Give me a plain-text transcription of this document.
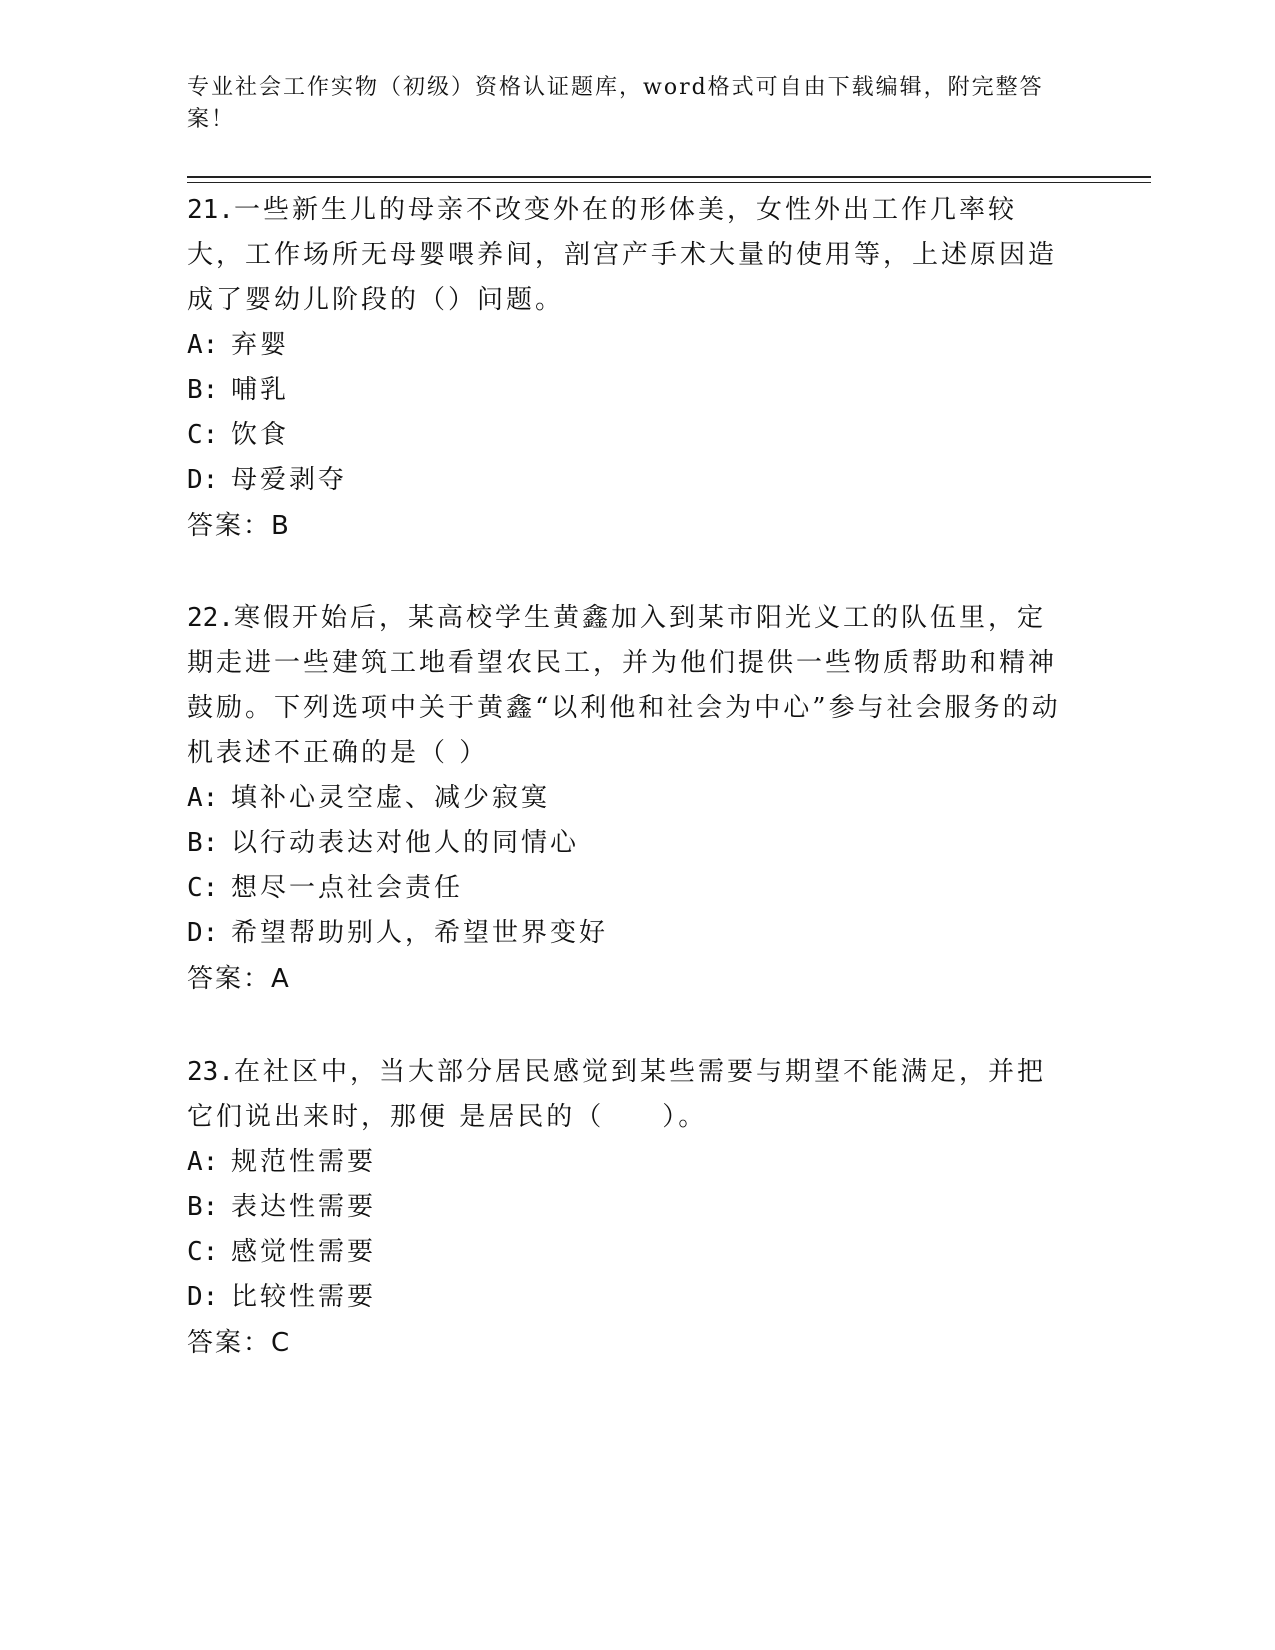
专业社会工作实物（初级）资格认证题库，word格式可自由下载编辑，附完整答案！

21.一些新生儿的母亲不改变外在的形体美，女性外出工作几率较大，工作场所无母婴喂养间，剖宫产手术大量的使用等，上述原因造成了婴幼儿阶段的（）问题。

A: 弃婴

B: 哺乳

C: 饮食

D: 母爱剥夺

答案：B

22.寒假开始后，某高校学生黄鑫加入到某市阳光义工的队伍里，定期走进一些建筑工地看望农民工，并为他们提供一些物质帮助和精神鼓励。下列选项中关于黄鑫“以利他和社会为中心”参与社会服务的动机表述不正确的是（ ）

A: 填补心灵空虚、减少寂寞

B: 以行动表达对他人的同情心

C: 想尽一点社会责任

D: 希望帮助别人，希望世界变好

答案：A

23.在社区中，当大部分居民感觉到某些需要与期望不能满足，并把它们说出来时，那便 是居民的（　　）。

A: 规范性需要

B: 表达性需要

C: 感觉性需要

D: 比较性需要

答案：C
